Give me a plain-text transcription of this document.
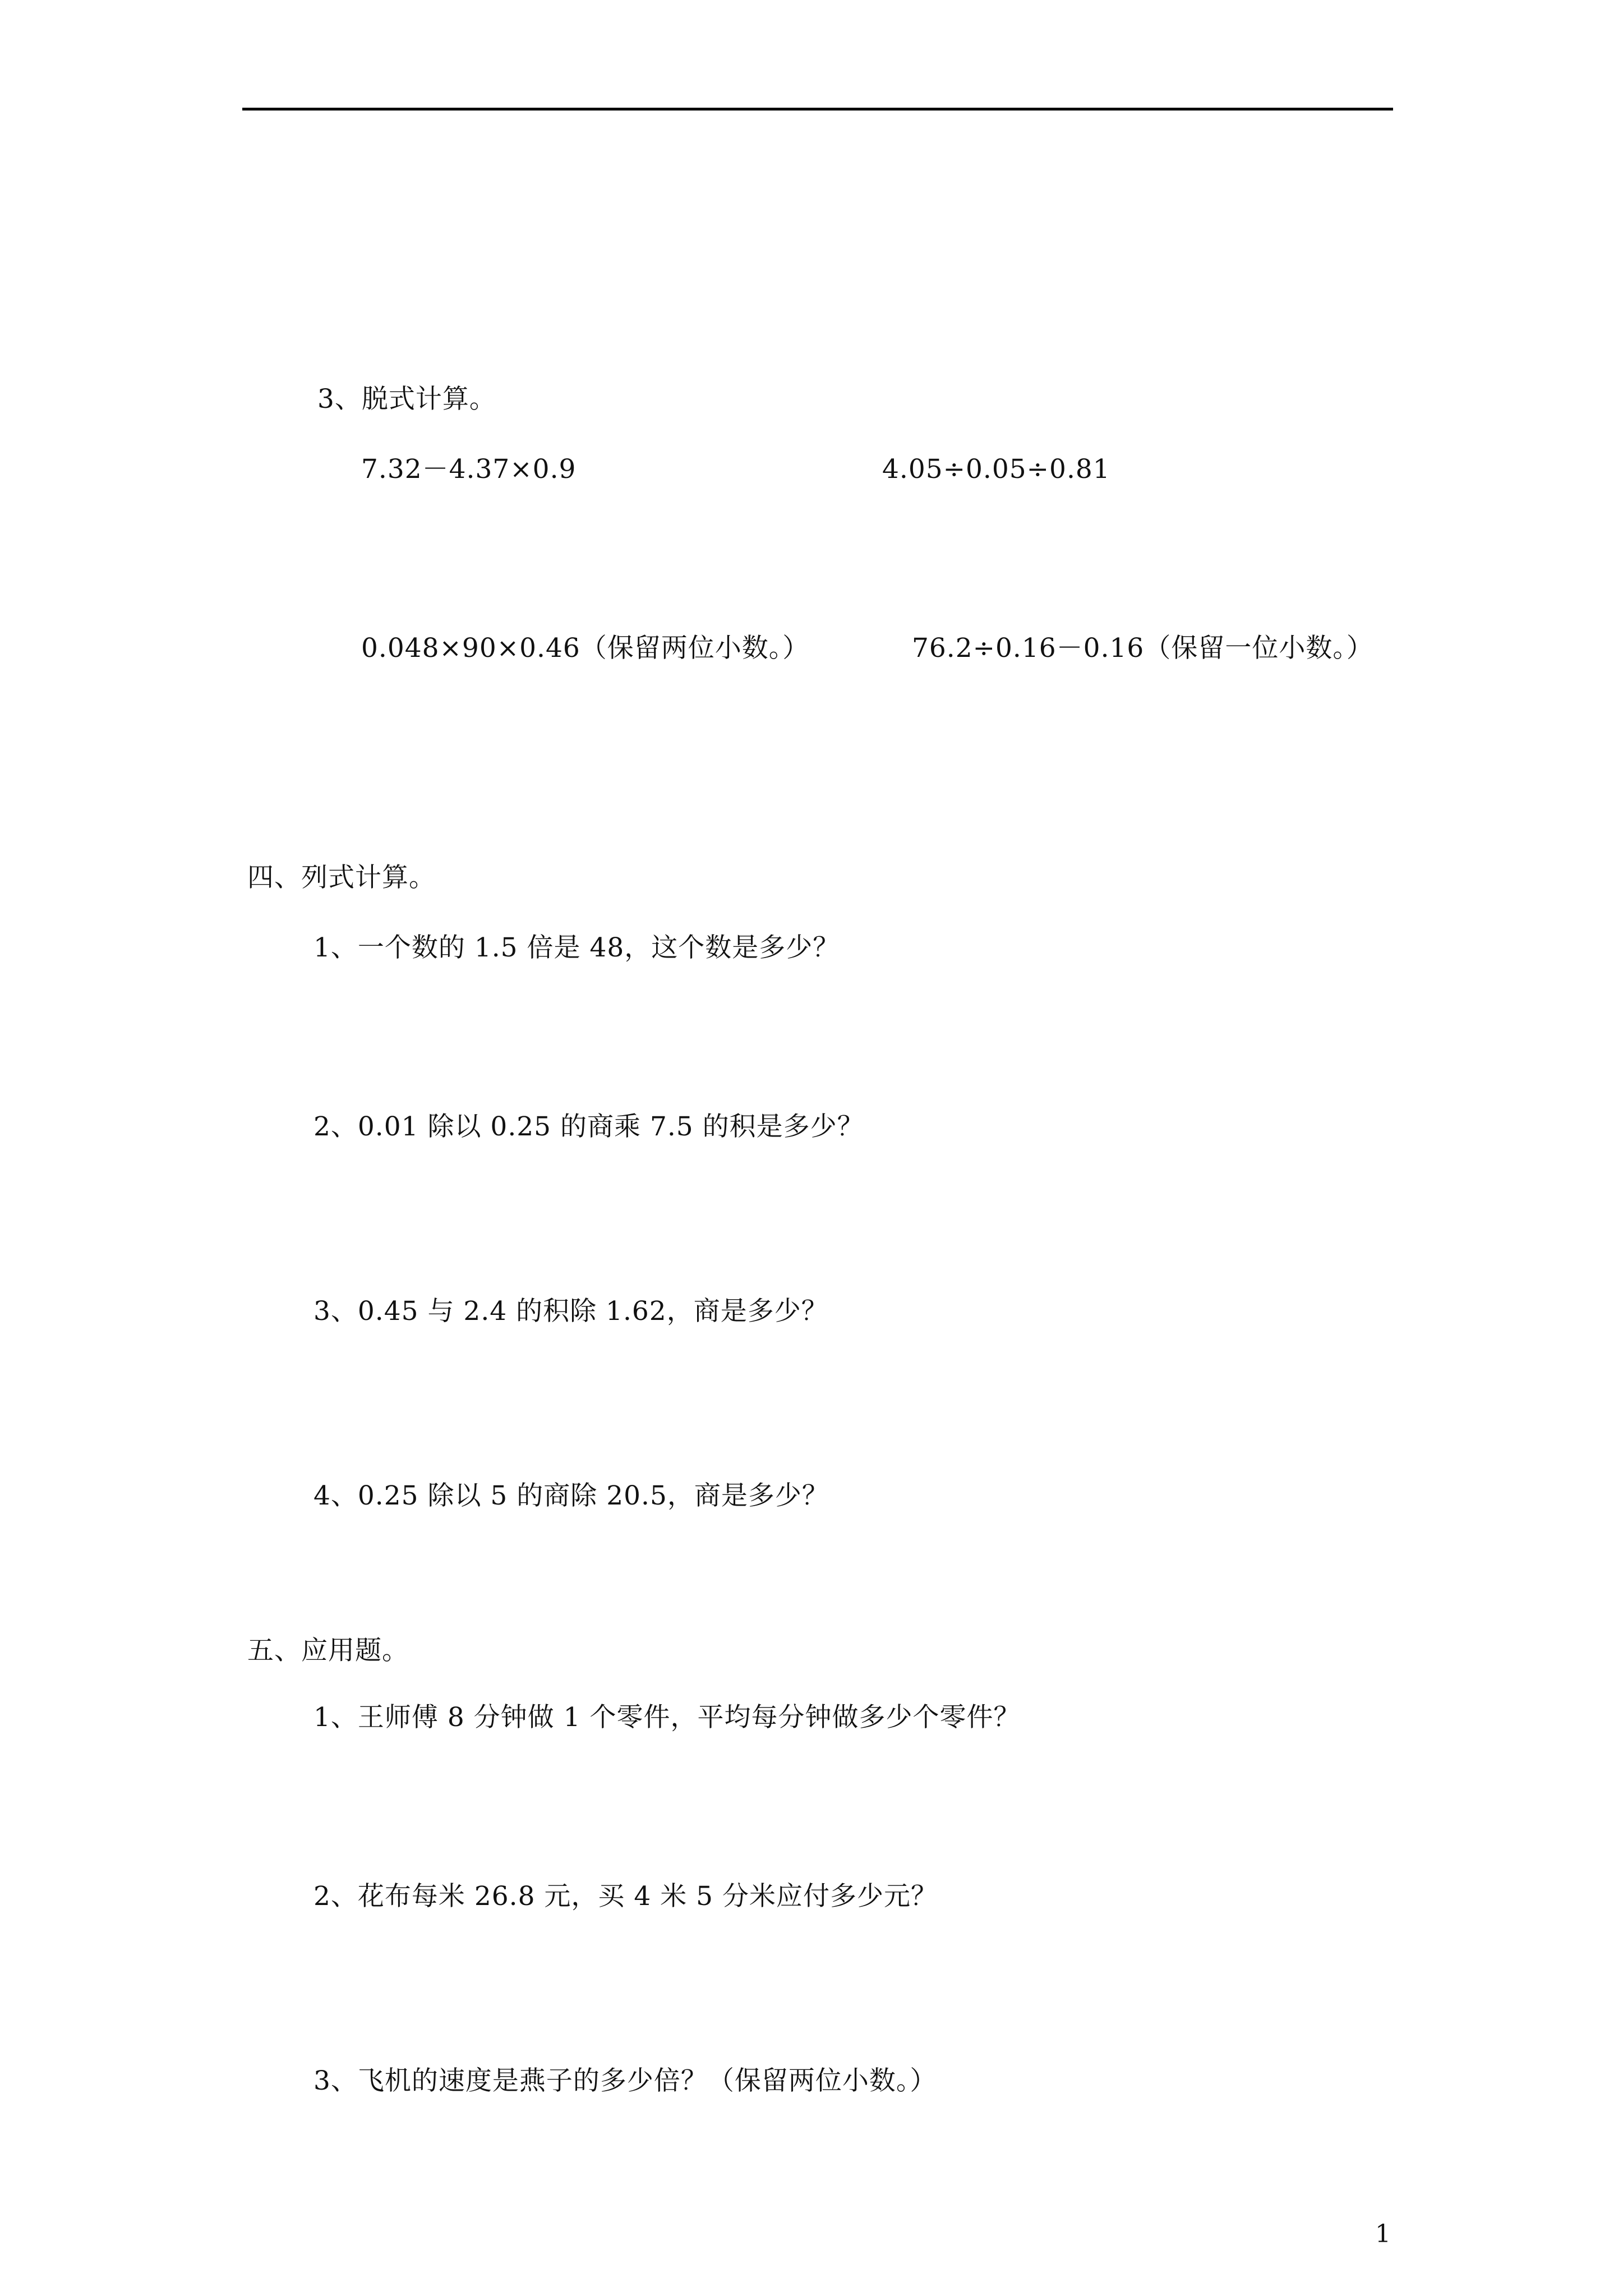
3、脱式计算。
7.32－4.37×0.9	4.05÷0.05÷0.81
0.048×90×0.46（保留两位小数。）	76.2÷0.16－0.16（保留一位小数。）
四、列式计算。
1、一个数的 1.5 倍是 48，这个数是多少？
2、0.01 除以 0.25 的商乘 7.5 的积是多少？
3、0.45 与 2.4 的积除 1.62，商是多少？
4、0.25 除以 5 的商除 20.5，商是多少？
五、应用题。
1、王师傅 8 分钟做 1 个零件，平均每分钟做多少个零件？
2、花布每米 26.8 元，买 4 米 5 分米应付多少元？
3、飞机的速度是燕子的多少倍？（保留两位小数。）
1
